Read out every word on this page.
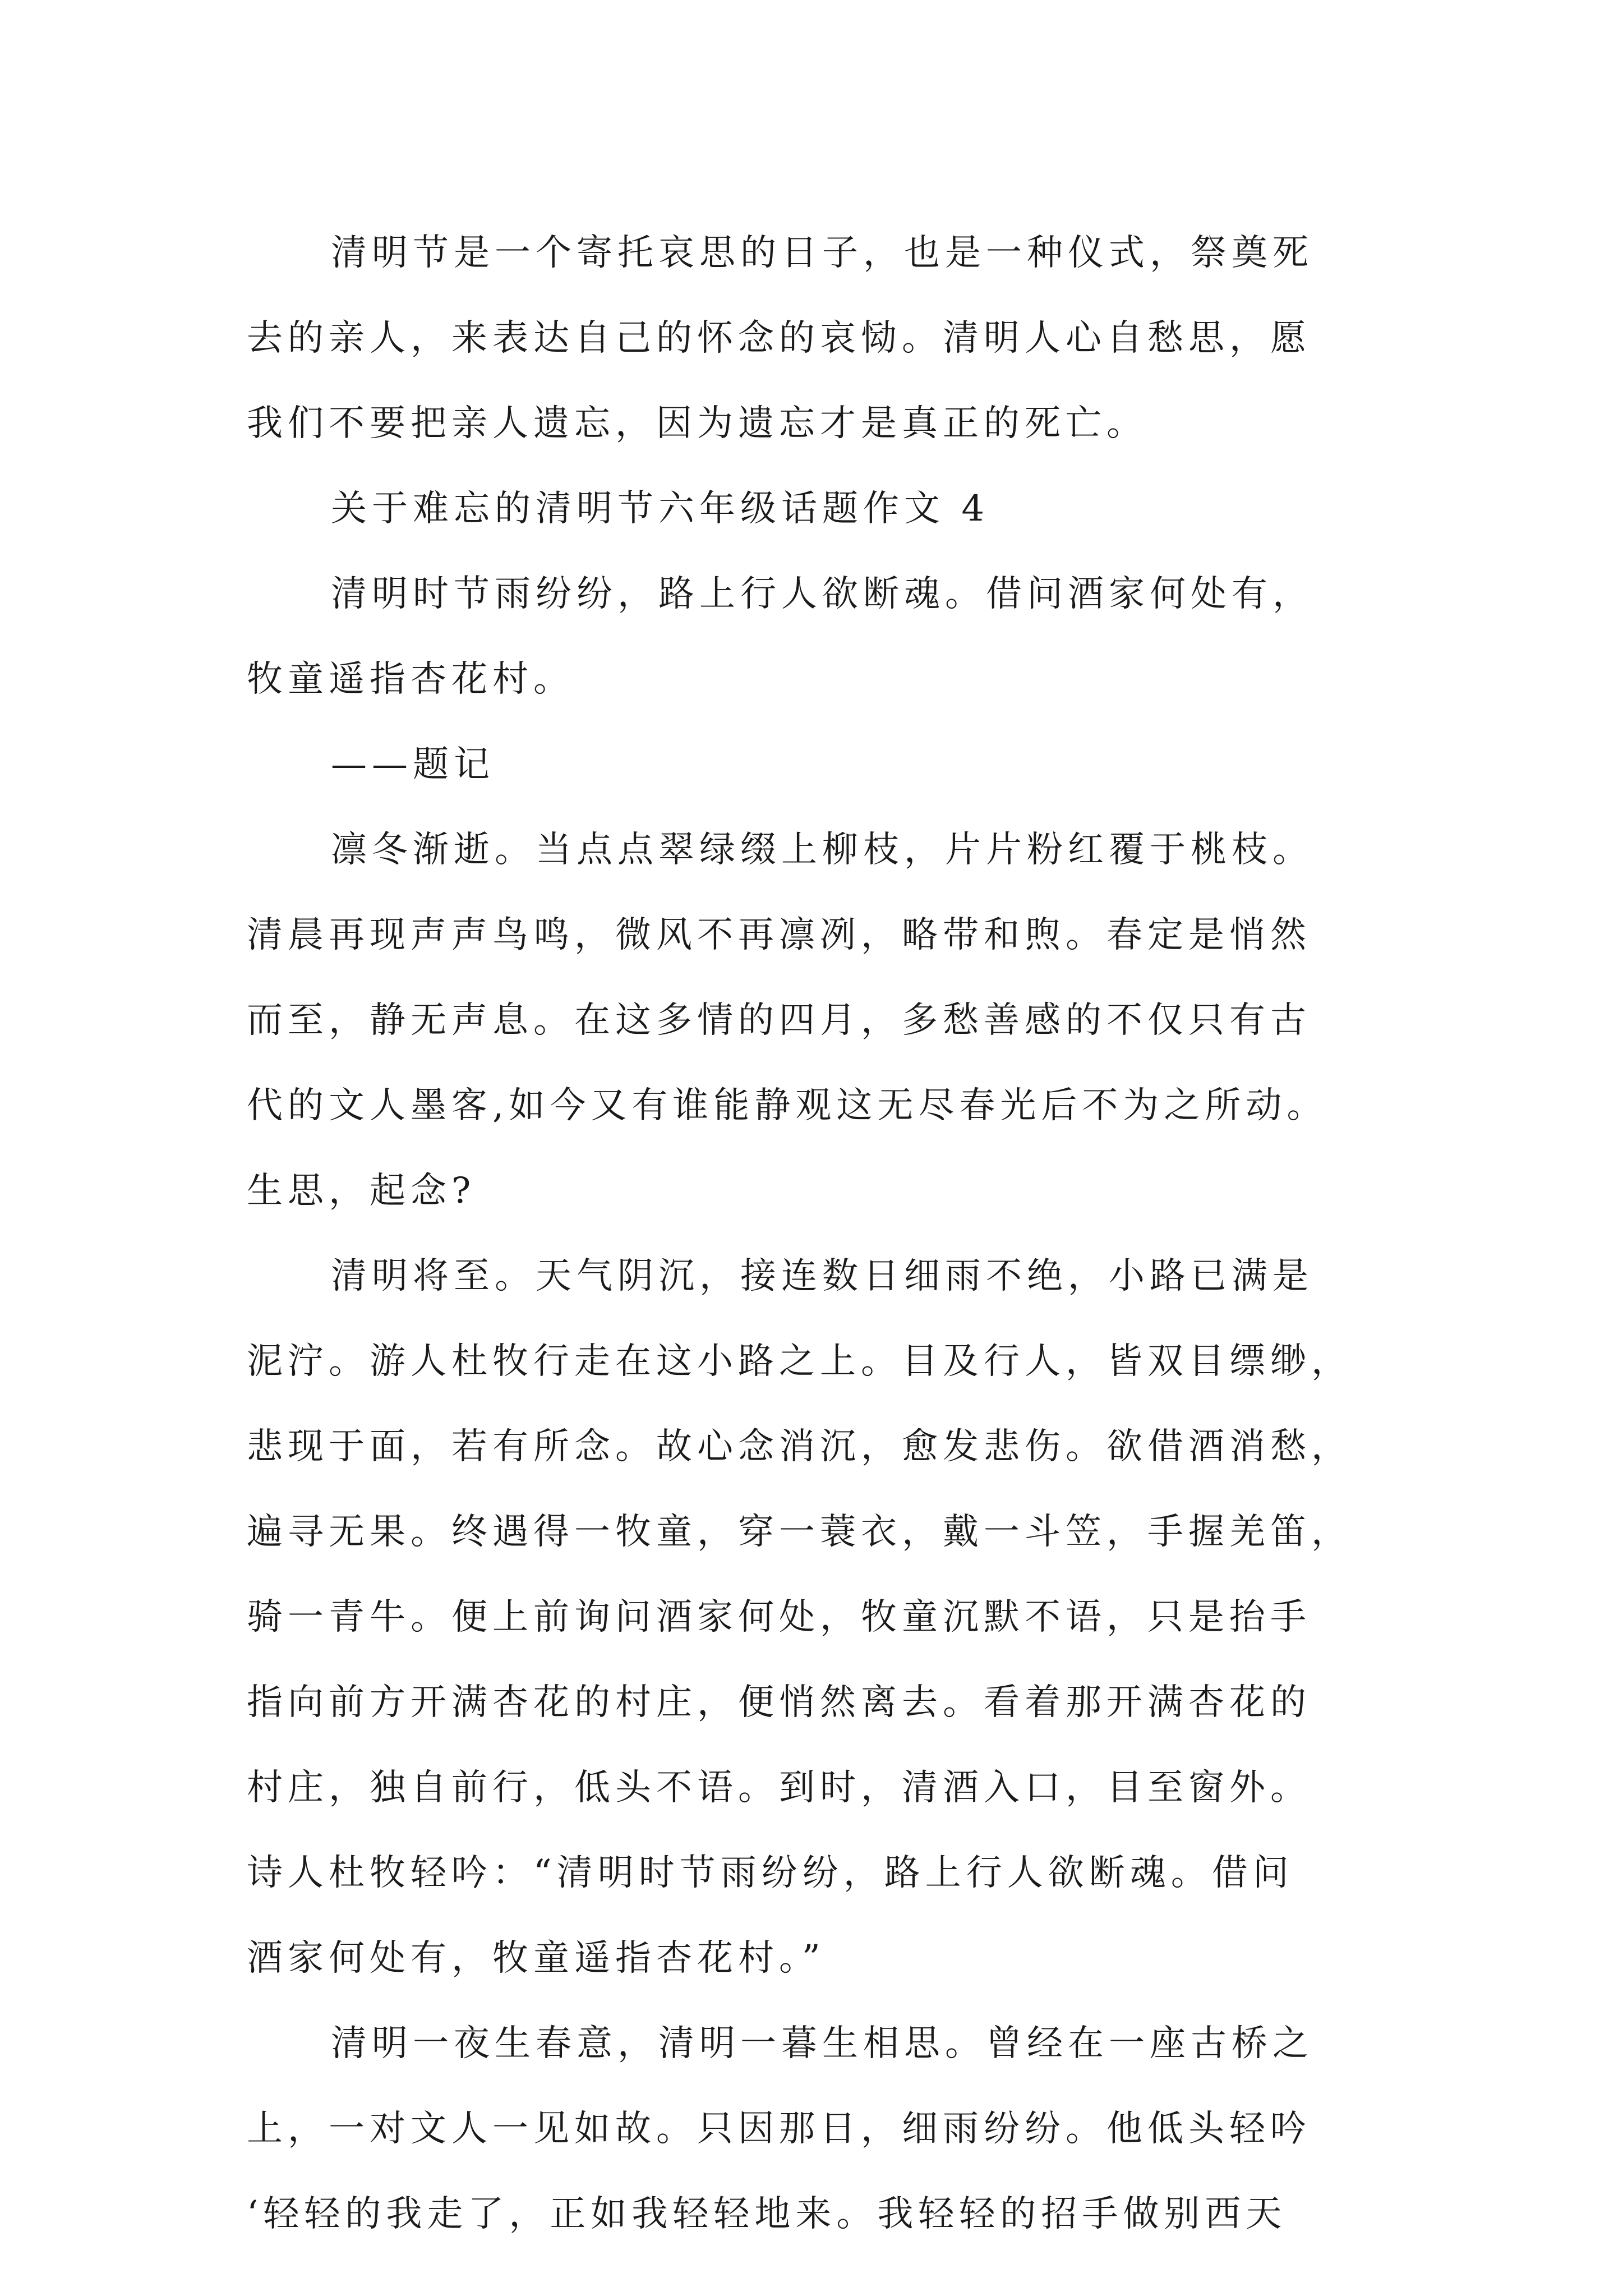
清明节是一个寄托哀思的日子，也是一种仪式，祭奠死
去的亲人，来表达自己的怀念的哀恸。清明人心自愁思，愿
我们不要把亲人遗忘，因为遗忘才是真正的死亡。
关于难忘的清明节六年级话题作文 4
清明时节雨纷纷，路上行人欲断魂。借问酒家何处有，
牧童遥指杏花村。
——题记
凛冬渐逝。当点点翠绿缀上柳枝，片片粉红覆于桃枝。
清晨再现声声鸟鸣，微风不再凛冽，略带和煦。春定是悄然
而至，静无声息。在这多情的四月，多愁善感的不仅只有古
代的文人墨客,如今又有谁能静观这无尽春光后不为之所动。
生思，起念?
清明将至。天气阴沉，接连数日细雨不绝，小路已满是
泥泞。游人杜牧行走在这小路之上。目及行人，皆双目缥缈，
悲现于面，若有所念。故心念消沉，愈发悲伤。欲借酒消愁，
遍寻无果。终遇得一牧童，穿一蓑衣，戴一斗笠，手握羌笛，
骑一青牛。便上前询问酒家何处，牧童沉默不语，只是抬手
指向前方开满杏花的村庄，便悄然离去。看着那开满杏花的
村庄，独自前行，低头不语。到时，清酒入口，目至窗外。
诗人杜牧轻吟：“清明时节雨纷纷，路上行人欲断魂。借问
酒家何处有，牧童遥指杏花村。”
清明一夜生春意，清明一暮生相思。曾经在一座古桥之
上，一对文人一见如故。只因那日，细雨纷纷。他低头轻吟
‘轻轻的我走了，正如我轻轻地来。我轻轻的招手做别西天
